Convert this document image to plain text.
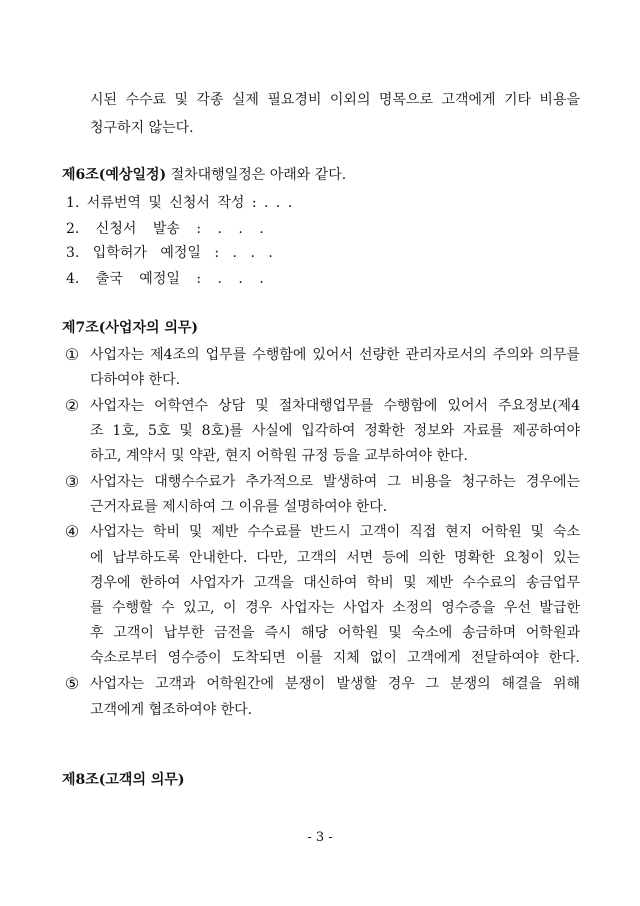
시된 수수료 및 각종 실제 필요경비 이외의 명목으로 고객에게 기타 비용을
청구하지 않는다.
제6조(예상일정) 절차대행일정은 아래와 같다.
1. 서류번역 및 신청서 작성 : . . .
2. 신청서 발송 : . . .
3. 입학허가 예정일 : . . .
4. 출국 예정일 : . . .
제7조(사업자의 의무)
① 사업자는 제4조의 업무를 수행함에 있어서 선량한 관리자로서의 주의와 의무를
다하여야 한다.
② 사업자는 어학연수 상담 및 절차대행업무를 수행함에 있어서 주요정보(제4
조 1호, 5호 및 8호)를 사실에 입각하여 정확한 정보와 자료를 제공하여야
하고, 계약서 및 약관, 현지 어학원 규정 등을 교부하여야 한다.
③ 사업자는 대행수수료가 추가적으로 발생하여 그 비용을 청구하는 경우에는
근거자료를 제시하여 그 이유를 설명하여야 한다.
④ 사업자는 학비 및 제반 수수료를 반드시 고객이 직접 현지 어학원 및 숙소
에 납부하도록 안내한다. 다만, 고객의 서면 등에 의한 명확한 요청이 있는
경우에 한하여 사업자가 고객을 대신하여 학비 및 제반 수수료의 송금업무
를 수행할 수 있고, 이 경우 사업자는 사업자 소정의 영수증을 우선 발급한
후 고객이 납부한 금전을 즉시 해당 어학원 및 숙소에 송금하며 어학원과
숙소로부터 영수증이 도착되면 이를 지체 없이 고객에게 전달하여야 한다.
⑤ 사업자는 고객과 어학원간에 분쟁이 발생할 경우 그 분쟁의 해결을 위해
고객에게 협조하여야 한다.
제8조(고객의 의무)
- 3 -
